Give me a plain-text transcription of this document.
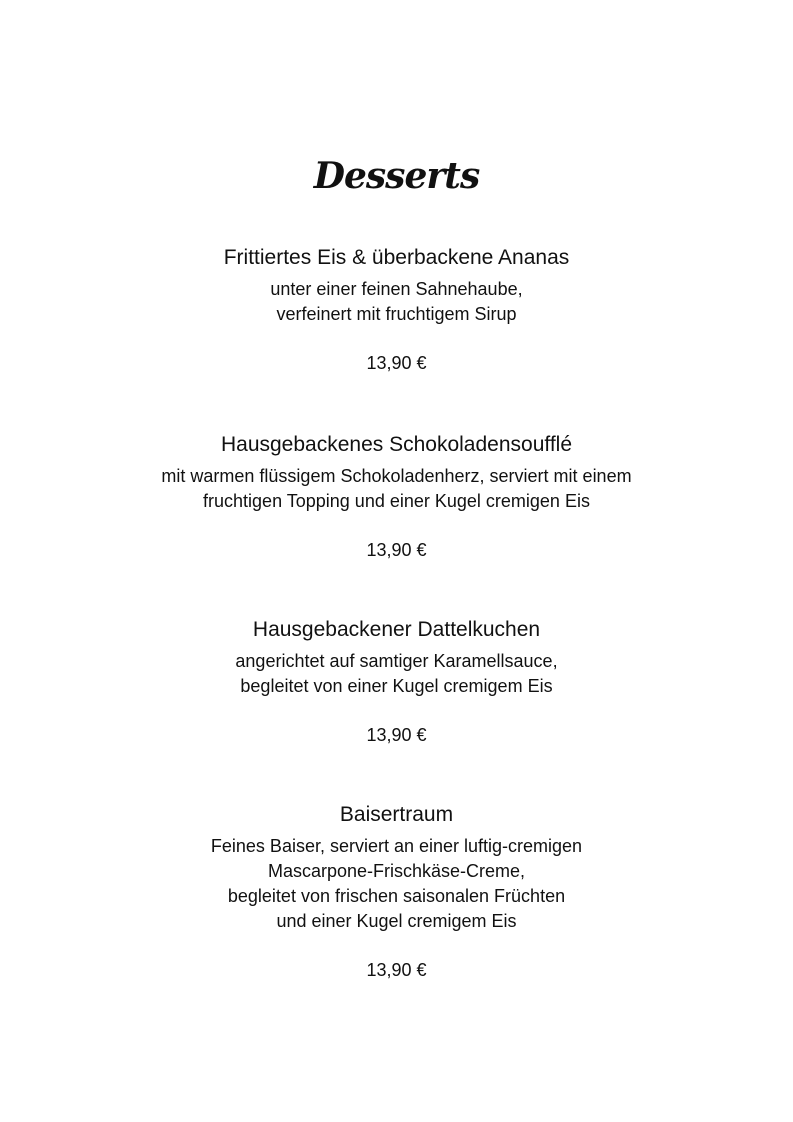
Desserts

Frittiertes Eis & überbackene Ananas

unter einer feinen Sahnehaube,
verfeinert mit fruchtigem Sirup

13,90 €

Hausgebackenes Schokoladensoufflé

mit warmen flüssigem Schokoladenherz, serviert mit einem
fruchtigen Topping und einer Kugel cremigen Eis

13,90 €

Hausgebackener Dattelkuchen

angerichtet auf samtiger Karamellsauce,
begleitet von einer Kugel cremigem Eis

13,90 €

Baisertraum

Feines Baiser, serviert an einer luftig-cremigen
Mascarpone-Frischkäse-Creme,
begleitet von frischen saisonalen Früchten
und einer Kugel cremigem Eis

13,90 €
